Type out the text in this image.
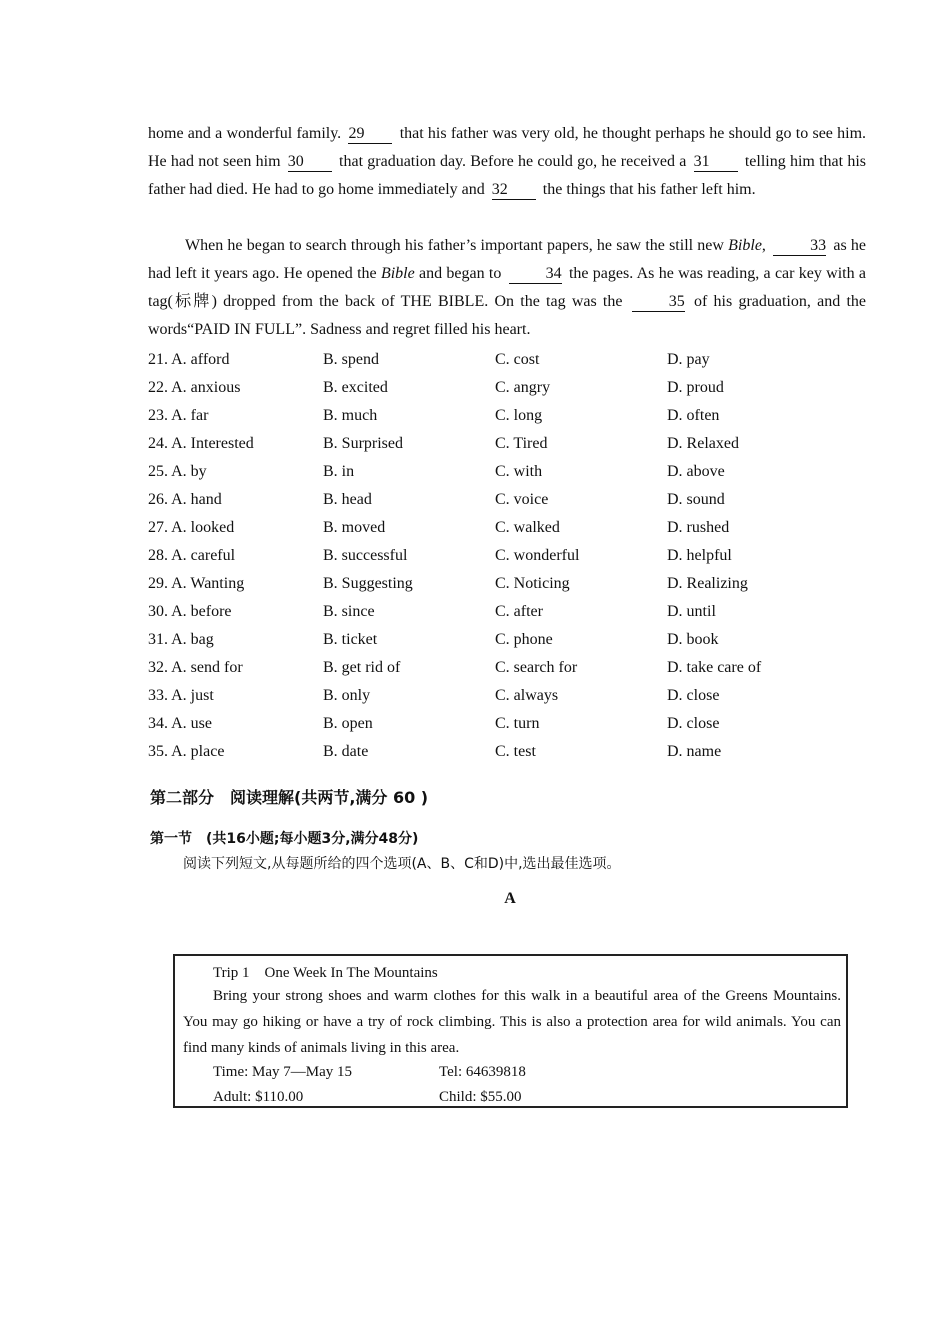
home and a wonderful family. 29 that his father was very old, he thought perhaps he should go to see him. He had not seen him 30 that graduation day. Before he could go, he received a 31 telling him that his father had died. He had to go home immediately and 32 the things that his father left him.
When he began to search through his father’s important papers, he saw the still new Bible,	33 as he had left it years ago. He opened the Bible and began to	34 the pages. As he was reading, a car key with a tag(标牌) dropped from the back of THE BIBLE. On the tag was the	35 of his graduation, and the words“PAID IN FULL”. Sadness and regret filled his heart.
21. A. afford	B. spend	C. cost	D. pay
22. A. anxious	B. excited	C. angry	D. proud
23. A. far	B. much	C. long	D. often
24. A. Interested	B. Surprised	C. Tired	D. Relaxed
25. A. by	B. in	C. with	D. above
26. A. hand	B. head	C. voice	D. sound
27. A. looked	B. moved	C. walked	D. rushed
28. A. careful	B. successful	C. wonderful	D. helpful
29. A. Wanting	B. Suggesting	C. Noticing	D. Realizing
30. A. before	B. since	C. after	D. until
31. A. bag	B. ticket	C. phone	D. book
32. A. send for	B. get rid of	C. search for	D. take care of
33. A. just	B. only	C. always	D. close
34. A. use	B. open	C. turn	D. close
35. A. place	B. date	C. test	D. name
第二部分　阅读理解(共两节,满分 60 )
第一节　(共16小题;每小题3分,满分48分)
阅读下列短文,从每题所给的四个选项(A、B、C和D)中,选出最佳选项。
A
Trip 1　One Week In The Mountains
Bring your strong shoes and warm clothes for this walk in a beautiful area of the Greens Mountains. You may go hiking or have a try of rock climbing. This is also a protection area for wild animals. You can find many kinds of animals living in this area.
Time: May 7—May 15	Tel: 64639818
Adult: $110.00	Child: $55.00
